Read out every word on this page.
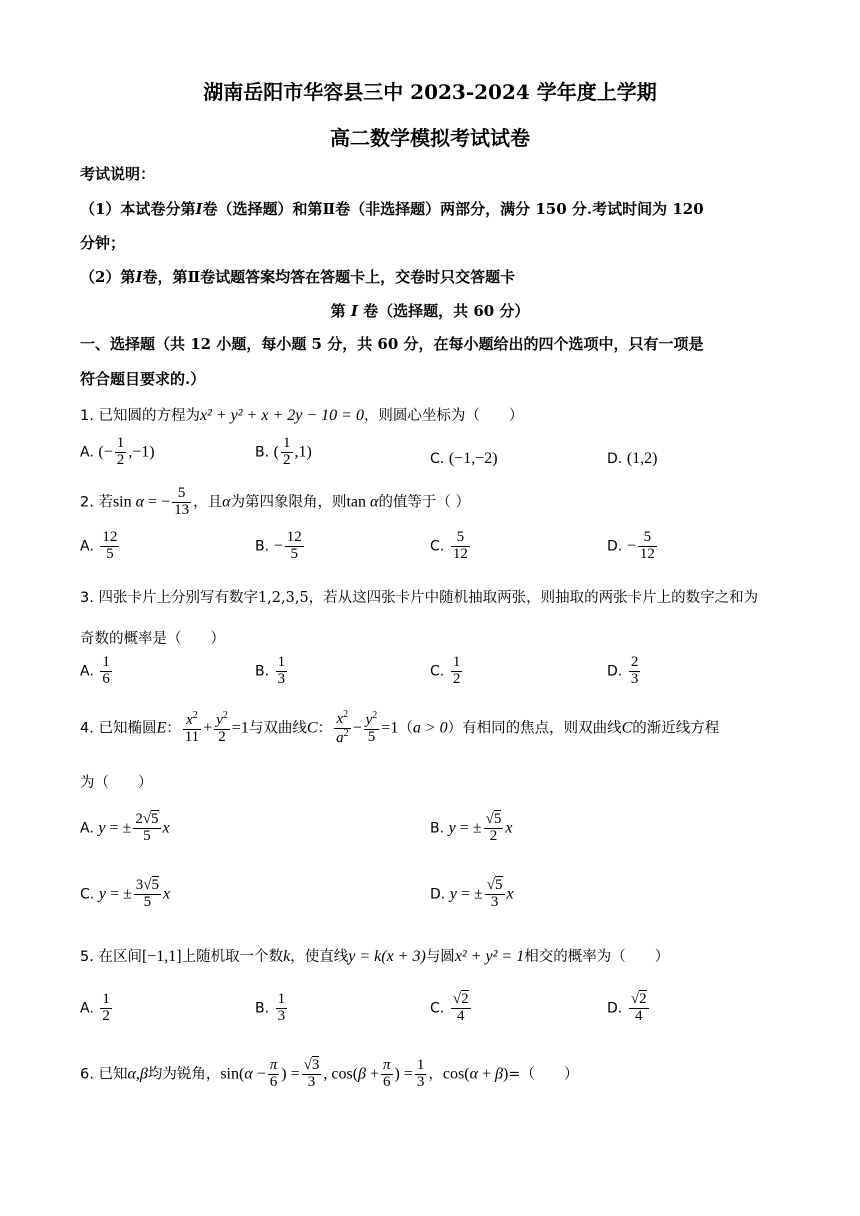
湖南岳阳市华容县三中 2023-2024 学年度上学期
高二数学模拟考试试卷
考试说明：
（1）本试卷分第I卷（选择题）和第Ⅱ卷（非选择题）两部分，满分 150 分.考试时间为 120
分钟；
（2）第I卷，第Ⅱ卷试题答案均答在答题卡上，交卷时只交答题卡
第 I 卷（选择题，共 60 分）
一、选择题（共 12 小题，每小题 5 分，共 60 分，在每小题给出的四个选项中，只有一项是
符合题目要求的.）
1. 已知圆的方程为x² + y² + x + 2y − 10 = 0，则圆心坐标为（　　）
A. (− $\frac{1}{2} ,-1$)	B. ( $\frac{1}{2} ,1$)	C. (−1,−2)	D. (1,2)
2. 若sin α = − $\frac{5}{13}$ ，且α为第四象限角，则tan α的值等于（ ）
A. $\frac{12}{5}$	B. − $\frac{12}{5}$	C. $\frac{5}{12}$	D. − $\frac{5}{12}$
3. 四张卡片上分别写有数字1,2,3,5，若从这四张卡片中随机抽取两张，则抽取的两张卡片上的数字之和为
奇数的概率是（　　）
A. $\frac{1}{6}$	B. $\frac{1}{3}$	C. $\frac{1}{2}$	D. $\frac{2}{3}$
4. 已知椭圆E： $\frac{x^2}{11} + \frac{y^2}{2} =1$与双曲线C： $\frac{x^2}{a^2} - \frac{y^2}{5} =1(a > 0)$有相同的焦点，则双曲线C的渐近线方程
为（　　）
A. y = ± $\frac{2√5}{5}$ x	B. y = ± $\frac{√5}{2}$ x
C. y = ± $\frac{3√5}{5}$ x	D. y = ± $\frac{√5}{3}$ x
5. 在区间[−1,1]上随机取一个数k，使直线y = k(x + 3)与圆x² + y² = 1相交的概率为（　　）
A. $\frac{1}{2}$	B. $\frac{1}{3}$	C. $\frac{√2}{4}$	D. $\frac{√2}{4}$
6. 已知α,β均为锐角，$\sin(\alpha - \frac{\pi}{6}$ ) = $\frac{√3}{3}$ , $\cos(\beta + \frac{\pi}{6}$ ) = $\frac{1}{3}$ ，cos(α + β)=（　　）
